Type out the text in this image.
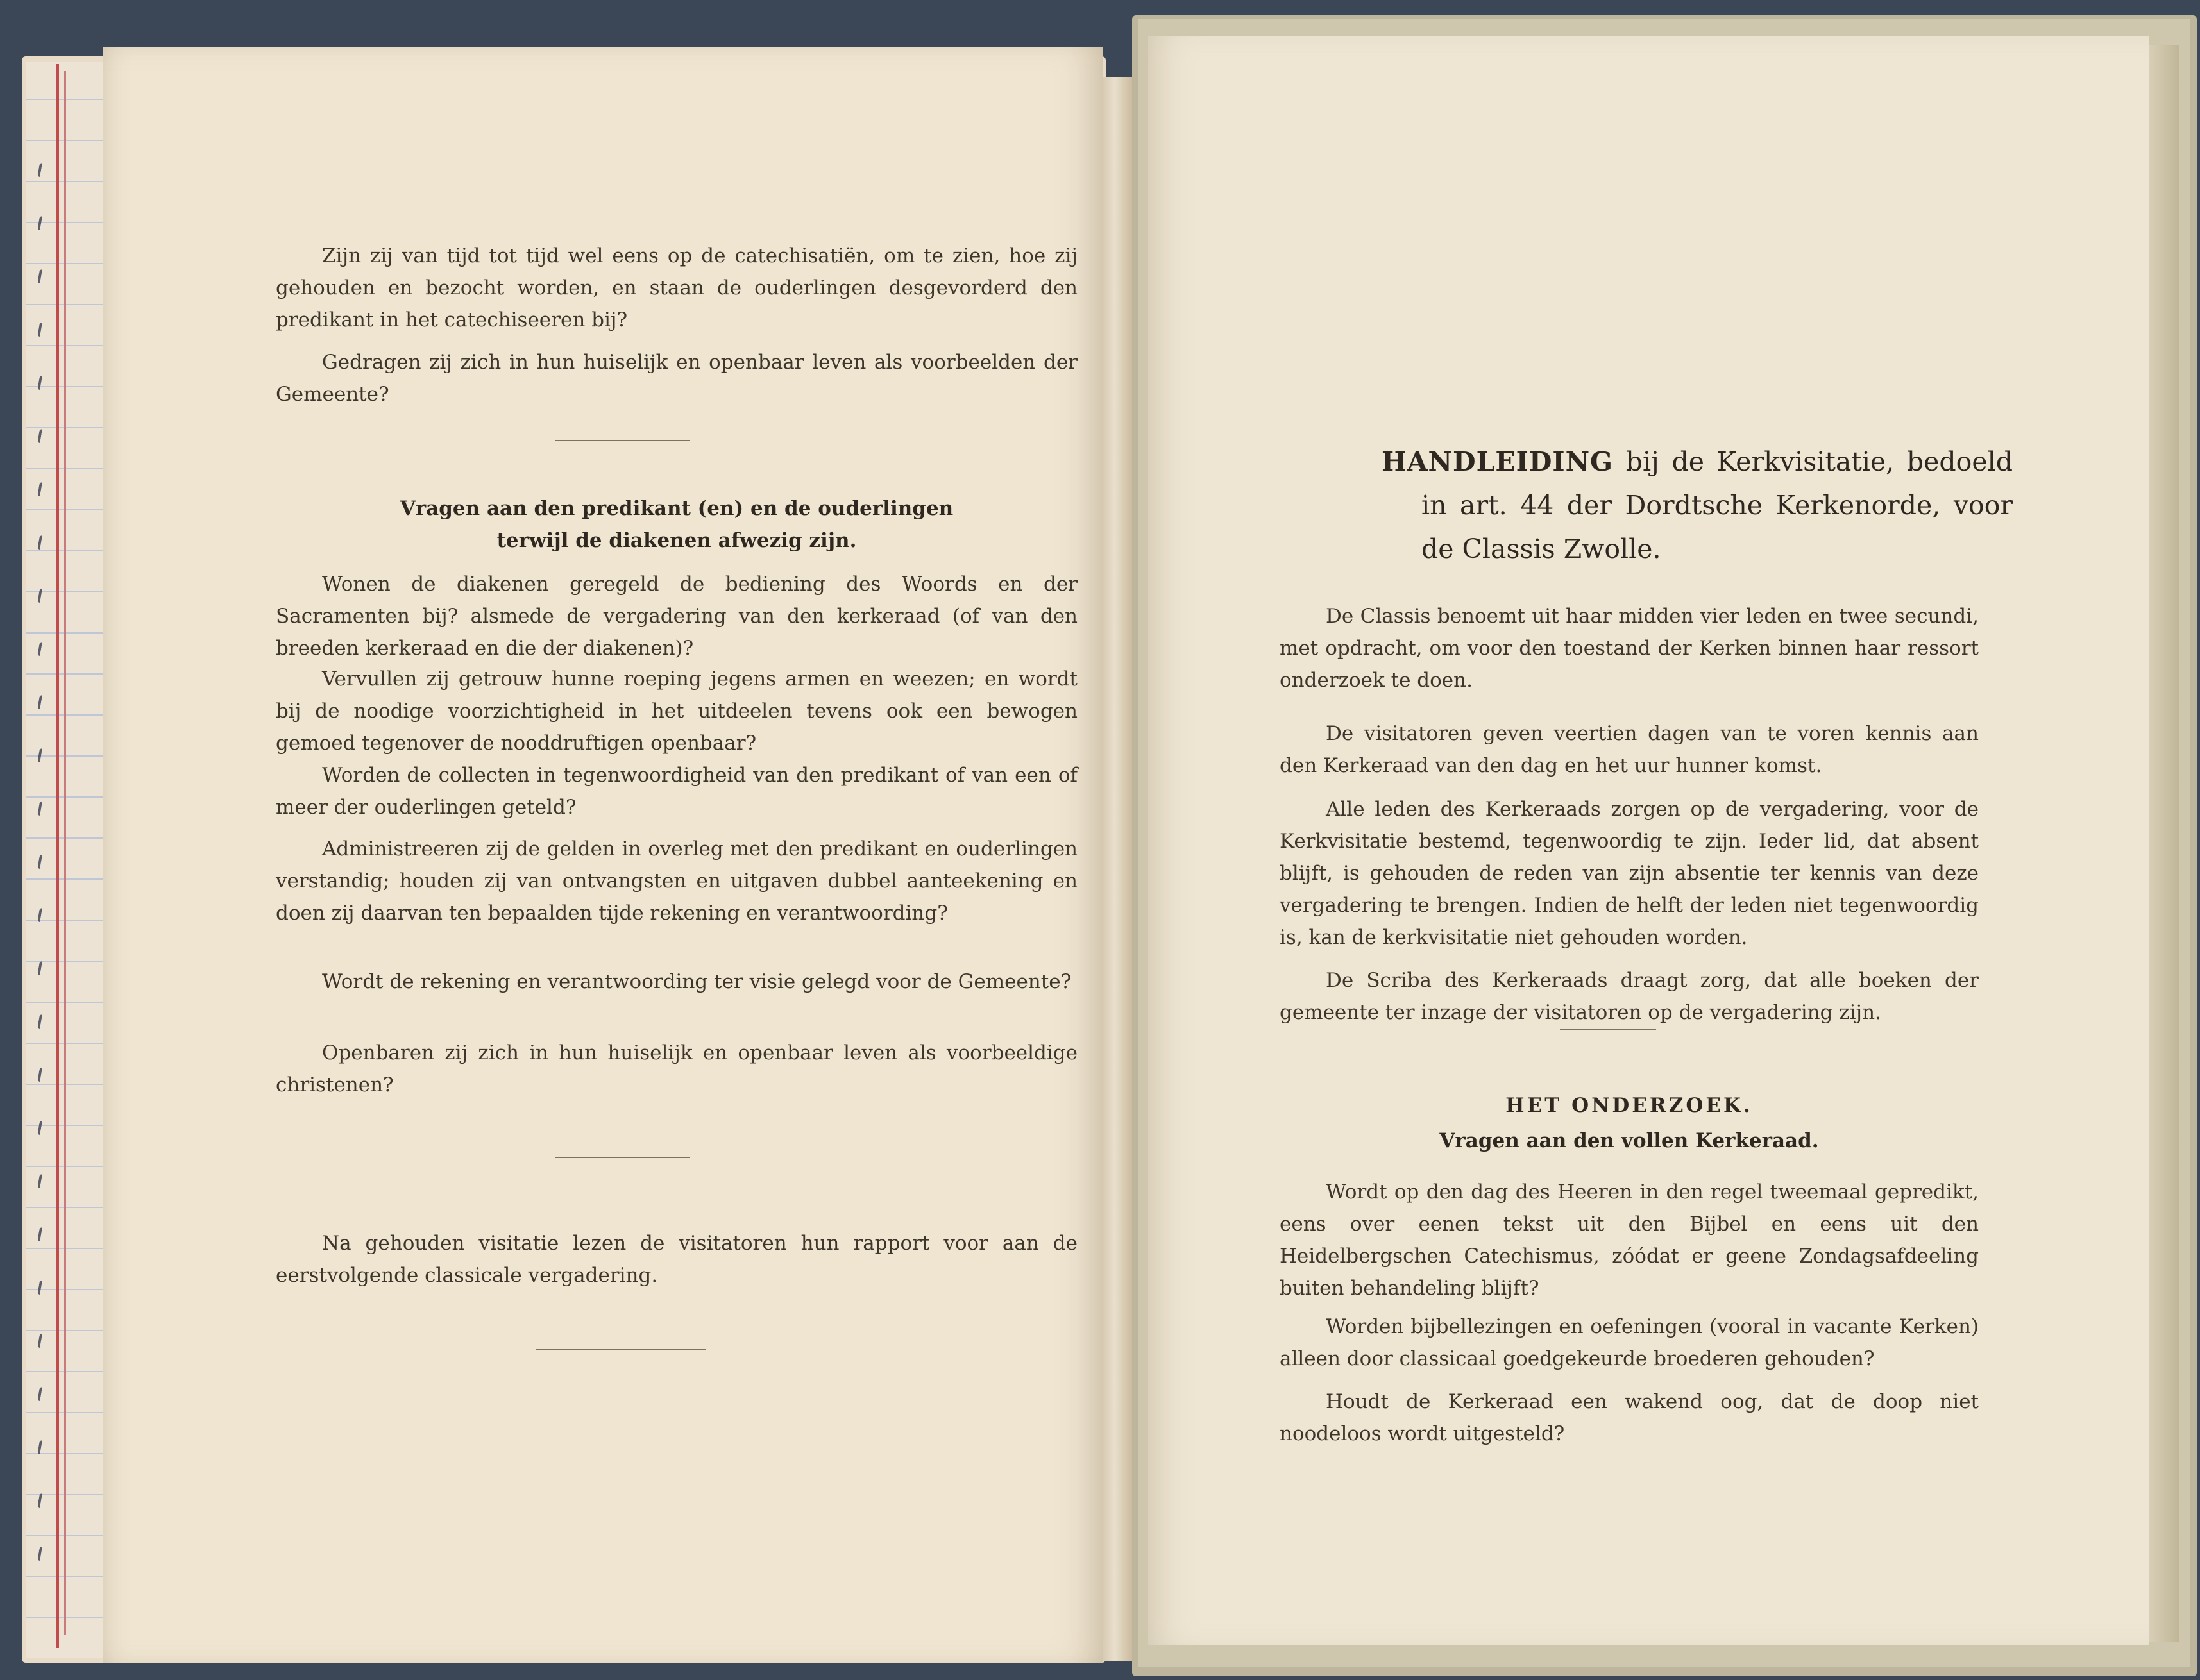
Zijn zij van tijd tot tijd wel eens op de catechisatiën, om te zien, hoe zij gehouden en bezocht worden, en staan de ouderlingen desgevorderd den predikant in het catechiseeren bij?

Gedragen zij zich in hun huiselijk en openbaar leven als voorbeelden der Gemeente?

Vragen aan den predikant (en) en de ouderlingen

terwijl de diakenen afwezig zijn.

Wonen de diakenen geregeld de bediening des Woords en der Sacramenten bij? alsmede de vergadering van den kerkeraad (of van den breeden kerkeraad en die der diakenen)?

Vervullen zij getrouw hunne roeping jegens armen en weezen; en wordt bij de noodige voorzichtigheid in het uitdeelen tevens ook een bewogen gemoed tegenover de nooddruftigen openbaar?

Worden de collecten in tegenwoordigheid van den predikant of van een of meer der ouderlingen geteld?

Administreeren zij de gelden in overleg met den predikant en ouderlingen verstandig; houden zij van ontvangsten en uitgaven dubbel aanteekening en doen zij daarvan ten bepaalden tijde rekening en verantwoording?

Wordt de rekening en verantwoording ter visie gelegd voor de Gemeente?

Openbaren zij zich in hun huiselijk en openbaar leven als voorbeeldige christenen?

Na gehouden visitatie lezen de visitatoren hun rapport voor aan de eerstvolgende classicale vergadering.

HANDLEIDING bij de Kerkvisitatie, bedoeld in art. 44 der Dordtsche Kerkenorde, voor de Classis Zwolle.

De Classis benoemt uit haar midden vier leden en twee secundi, met opdracht, om voor den toestand der Kerken binnen haar ressort onderzoek te doen.

De visitatoren geven veertien dagen van te voren kennis aan den Kerkeraad van den dag en het uur hunner komst.

Alle leden des Kerkeraads zorgen op de vergadering, voor de Kerkvisitatie bestemd, tegenwoordig te zijn. Ieder lid, dat absent blijft, is gehouden de reden van zijn absentie ter kennis van deze vergadering te brengen. Indien de helft der leden niet tegenwoordig is, kan de kerkvisitatie niet gehouden worden.

De Scriba des Kerkeraads draagt zorg, dat alle boeken der gemeente ter inzage der visitatoren op de vergadering zijn.

HET ONDERZOEK.

Vragen aan den vollen Kerkeraad.

Wordt op den dag des Heeren in den regel tweemaal gepredikt, eens over eenen tekst uit den Bijbel en eens uit den Heidelbergschen Catechismus, zóódat er geene Zondagsafdeeling buiten behandeling blijft?

Worden bijbellezingen en oefeningen (vooral in vacante Kerken) alleen door classicaal goedgekeurde broederen gehouden?

Houdt de Kerkeraad een wakend oog, dat de doop niet noodeloos wordt uitgesteld?
